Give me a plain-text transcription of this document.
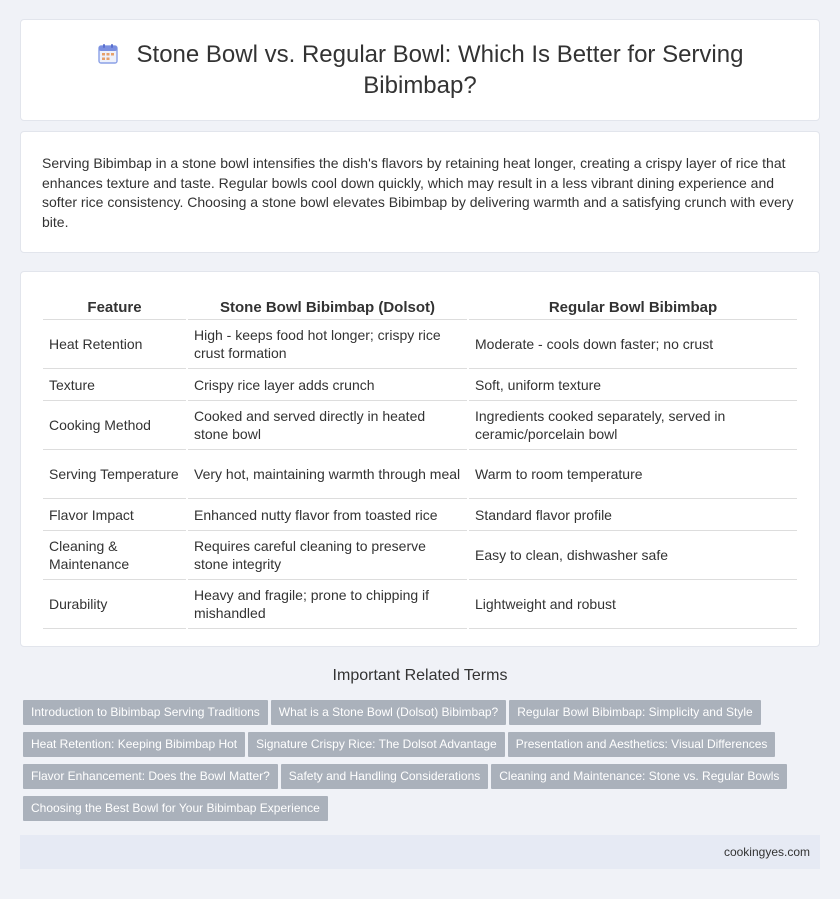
Stone Bowl vs. Regular Bowl: Which Is Better for Serving Bibimbap?

Serving Bibimbap in a stone bowl intensifies the dish's flavors by retaining heat longer, creating a crispy layer of rice that enhances texture and taste. Regular bowls cool down quickly, which may result in a less vibrant dining experience and softer rice consistency. Choosing a stone bowl elevates Bibimbap by delivering warmth and a satisfying crunch with every bite.

Feature	Stone Bowl Bibimbap (Dolsot)	Regular Bowl Bibimbap
Heat Retention	High - keeps food hot longer; crispy rice crust formation	Moderate - cools down faster; no crust
Texture	Crispy rice layer adds crunch	Soft, uniform texture
Cooking Method	Cooked and served directly in heated stone bowl	Ingredients cooked separately, served in ceramic/porcelain bowl
Serving Temperature	Very hot, maintaining warmth through meal	Warm to room temperature
Flavor Impact	Enhanced nutty flavor from toasted rice	Standard flavor profile
Cleaning & Maintenance	Requires careful cleaning to preserve stone integrity	Easy to clean, dishwasher safe
Durability	Heavy and fragile; prone to chipping if mishandled	Lightweight and robust
Important Related Terms
Introduction to Bibimbap Serving Traditions What is a Stone Bowl (Dolsot) Bibimbap? Regular Bowl Bibimbap: Simplicity and Style
Heat Retention: Keeping Bibimbap Hot Signature Crispy Rice: The Dolsot Advantage Presentation and Aesthetics: Visual Differences
Flavor Enhancement: Does the Bowl Matter? Safety and Handling Considerations Cleaning and Maintenance: Stone vs. Regular Bowls
Choosing the Best Bowl for Your Bibimbap Experience
cookingyes.com
